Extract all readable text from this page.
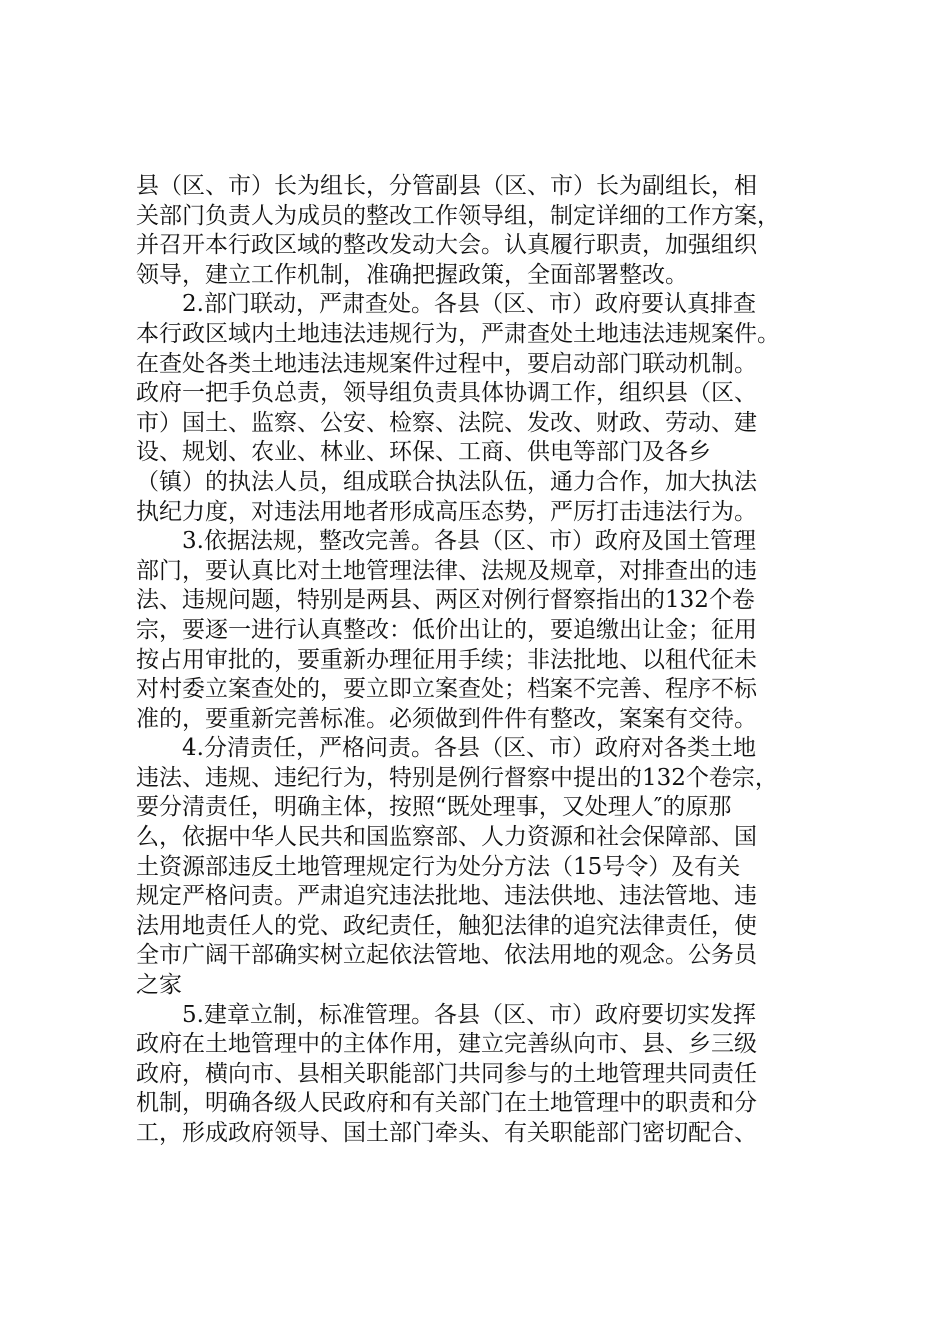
县（区、市）长为组长，分管副县（区、市）长为副组长，相
关部门负责人为成员的整改工作领导组，制定详细的工作方案，
并召开本行政区域的整改发动大会。认真履行职责，加强组织
领导，建立工作机制，准确把握政策，全面部署整改。
2.部门联动，严肃查处。各县（区、市）政府要认真排查
本行政区域内土地违法违规行为，严肃查处土地违法违规案件。
在查处各类土地违法违规案件过程中，要启动部门联动机制。
政府一把手负总责，领导组负责具体协调工作，组织县（区、
市）国土、监察、公安、检察、法院、发改、财政、劳动、建
设、规划、农业、林业、环保、工商、供电等部门及各乡
（镇）的执法人员，组成联合执法队伍，通力合作，加大执法
执纪力度，对违法用地者形成高压态势，严厉打击违法行为。
3.依据法规，整改完善。各县（区、市）政府及国土管理
部门，要认真比对土地管理法律、法规及规章，对排查出的违
法、违规问题，特别是两县、两区对例行督察指出的132个卷
宗，要逐一进行认真整改：低价出让的，要追缴出让金；征用
按占用审批的，要重新办理征用手续；非法批地、以租代征未
对村委立案查处的，要立即立案查处；档案不完善、程序不标
准的，要重新完善标准。必须做到件件有整改，案案有交待。
4.分清责任，严格问责。各县（区、市）政府对各类土地
违法、违规、违纪行为，特别是例行督察中提出的132个卷宗，
要分清责任，明确主体，按照“既处理事，又处理人″的原那
么，依据中华人民共和国监察部、人力资源和社会保障部、国
土资源部违反土地管理规定行为处分方法（15号令）及有关
规定严格问责。严肃追究违法批地、违法供地、违法管地、违
法用地责任人的党、政纪责任，触犯法律的追究法律责任，使
全市广阔干部确实树立起依法管地、依法用地的观念。公务员
之家
5.建章立制，标准管理。各县（区、市）政府要切实发挥
政府在土地管理中的主体作用，建立完善纵向市、县、乡三级
政府，横向市、县相关职能部门共同参与的土地管理共同责任
机制，明确各级人民政府和有关部门在土地管理中的职责和分
工，形成政府领导、国土部门牵头、有关职能部门密切配合、
